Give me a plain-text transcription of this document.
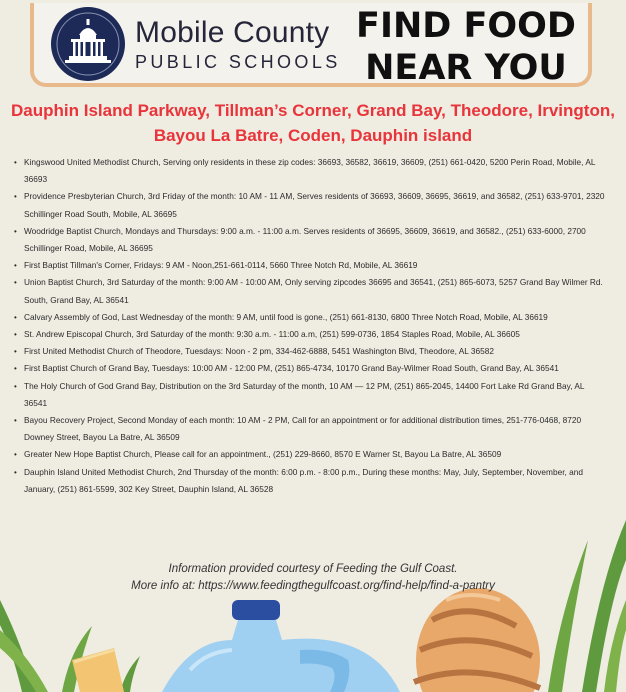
Mobile County
PUBLIC SCHOOLS
FIND FOOD
NEAR YOU
Dauphin Island Parkway, Tillman’s Corner, Grand Bay, Theodore, Irvington, Bayou La Batre, Coden, Dauphin island
• Kingswood United Methodist Church, Serving only residents in these zip codes: 36693, 36582, 36619, 36609, (251) 661-0420, 5200 Perin Road, Mobile, AL 36693
• Providence Presbyterian Church, 3rd Friday of the month: 10 AM - 11 AM, Serves residents of 36693, 36609, 36695, 36619, and 36582, (251) 633-9701, 2320 Schillinger Road South, Mobile, AL 36695
• Woodridge Baptist Church, Mondays and Thursdays: 9:00 a.m. - 11:00 a.m. Serves residents of 36695, 36609, 36619, and 36582., (251) 633-6000, 2700 Schillinger Road, Mobile, AL 36695
• First Baptist Tillman's Corner, Fridays: 9 AM - Noon,251-661-0114, 5660 Three Notch Rd, Mobile, AL 36619
• Union Baptist Church, 3rd Saturday of the month: 9:00 AM - 10:00 AM, Only serving zipcodes 36695 and 36541, (251) 865-6073, 5257 Grand Bay Wilmer Rd. South, Grand Bay, AL 36541
• Calvary Assembly of God, Last Wednesday of the month: 9 AM, until food is gone., (251) 661-8130, 6800 Three Notch Road, Mobile, AL 36619
• St. Andrew Episcopal Church, 3rd Saturday of the month: 9:30 a.m. - 11:00 a.m, (251) 599-0736, 1854 Staples Road, Mobile, AL 36605
• First United Methodist Church of Theodore, Tuesdays: Noon - 2 pm, 334-462-6888, 5451 Washington Blvd, Theodore, AL 36582
• First Baptist Church of Grand Bay, Tuesdays: 10:00 AM - 12:00 PM, (251) 865-4734, 10170 Grand Bay-Wilmer Road South, Grand Bay, AL 36541
• The Holy Church of God Grand Bay, Distribution on the 3rd Saturday of the month, 10 AM — 12 PM, (251) 865-2045, 14400 Fort Lake Rd Grand Bay, AL 36541
• Bayou Recovery Project, Second Monday of each month: 10 AM - 2 PM, Call for an appointment or for additional distribution times, 251-776-0468, 8720 Downey Street, Bayou La Batre, AL 36509
• Greater New Hope Baptist Church, Please call for an appointment., (251) 229-8660, 8570 E Warner St, Bayou La Batre, AL 36509
• Dauphin Island United Methodist Church, 2nd Thursday of the month: 6:00 p.m. - 8:00 p.m., During these months: May, July, September, November, and January, (251) 861-5599, 302 Key Street, Dauphin Island, AL 36528
Information provided courtesy of Feeding the Gulf Coast.
More info at: https://www.feedingthegulfcoast.org/find-help/find-a-pantry
